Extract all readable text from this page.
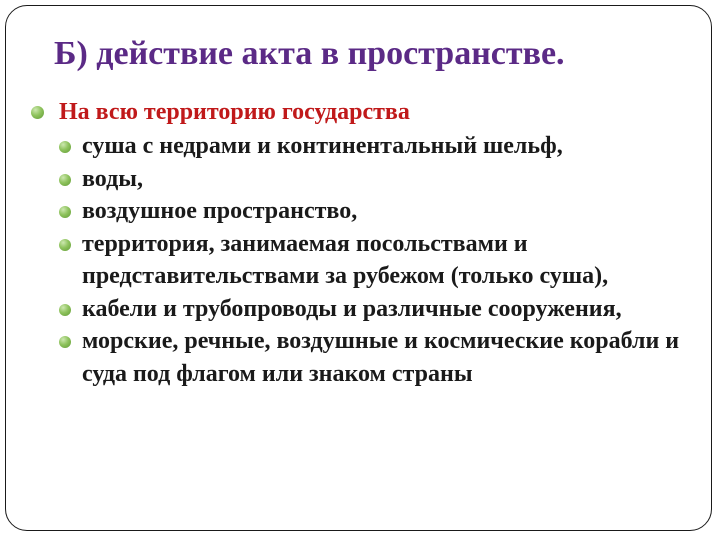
Б) действие акта в пространстве.
На всю территорию государства
суша с недрами и континентальный шельф,
воды,
воздушное пространство,
территория, занимаемая посольствами и представительствами за рубежом (только суша),
кабели и трубопроводы и различные сооружения,
морские, речные, воздушные и космические корабли и суда под флагом или знаком страны
